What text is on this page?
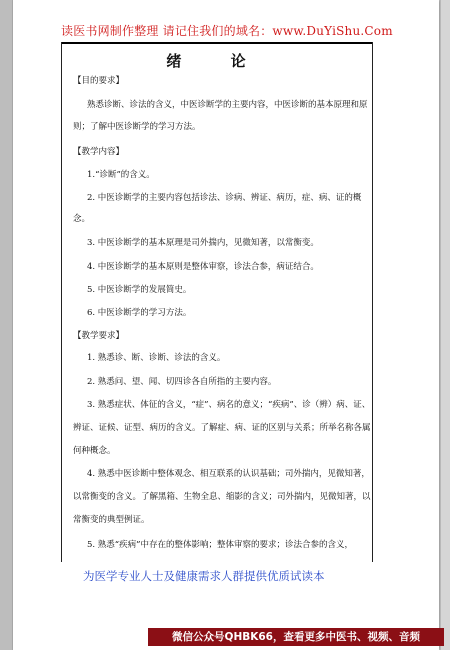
读医书网制作整理 请记住我们的域名：www.DuYiShu.Com
绪 论
【目的要求】
熟悉诊断、诊法的含义，中医诊断学的主要内容，中医诊断的基本原理和原
则；了解中医诊断学的学习方法。
【教学内容】
1.“诊断”的含义。
2. 中医诊断学的主要内容包括诊法、诊病、辨证、病历，症、病、证的概
念。
3. 中医诊断学的基本原理是司外揣内，见微知著，以常衡变。
4. 中医诊断学的基本原则是整体审察，诊法合参，病证结合。
5. 中医诊断学的发展简史。
6. 中医诊断学的学习方法。
【教学要求】
1. 熟悉诊、断、诊断、诊法的含义。
2. 熟悉问、望、闻、切四诊各自所指的主要内容。
3. 熟悉症状、体征的含义，“症”、病名的意义；“疾病”、诊（辨）病、证、
辨证、证候、证型、病历的含义。了解症、病、证的区别与关系；所举名称各属
何种概念。
4. 熟悉中医诊断中整体观念、相互联系的认识基础；司外揣内，见微知著，
以常衡变的含义。了解黑箱、生物全息、缩影的含义；司外揣内，见微知著，以
常衡变的典型例证。
5. 熟悉“疾病”中存在的整体影响；整体审察的要求；诊法合参的含义，
为医学专业人士及健康需求人群提供优质试读本
微信公众号QHBK66，查看更多中医书、视频、音频
